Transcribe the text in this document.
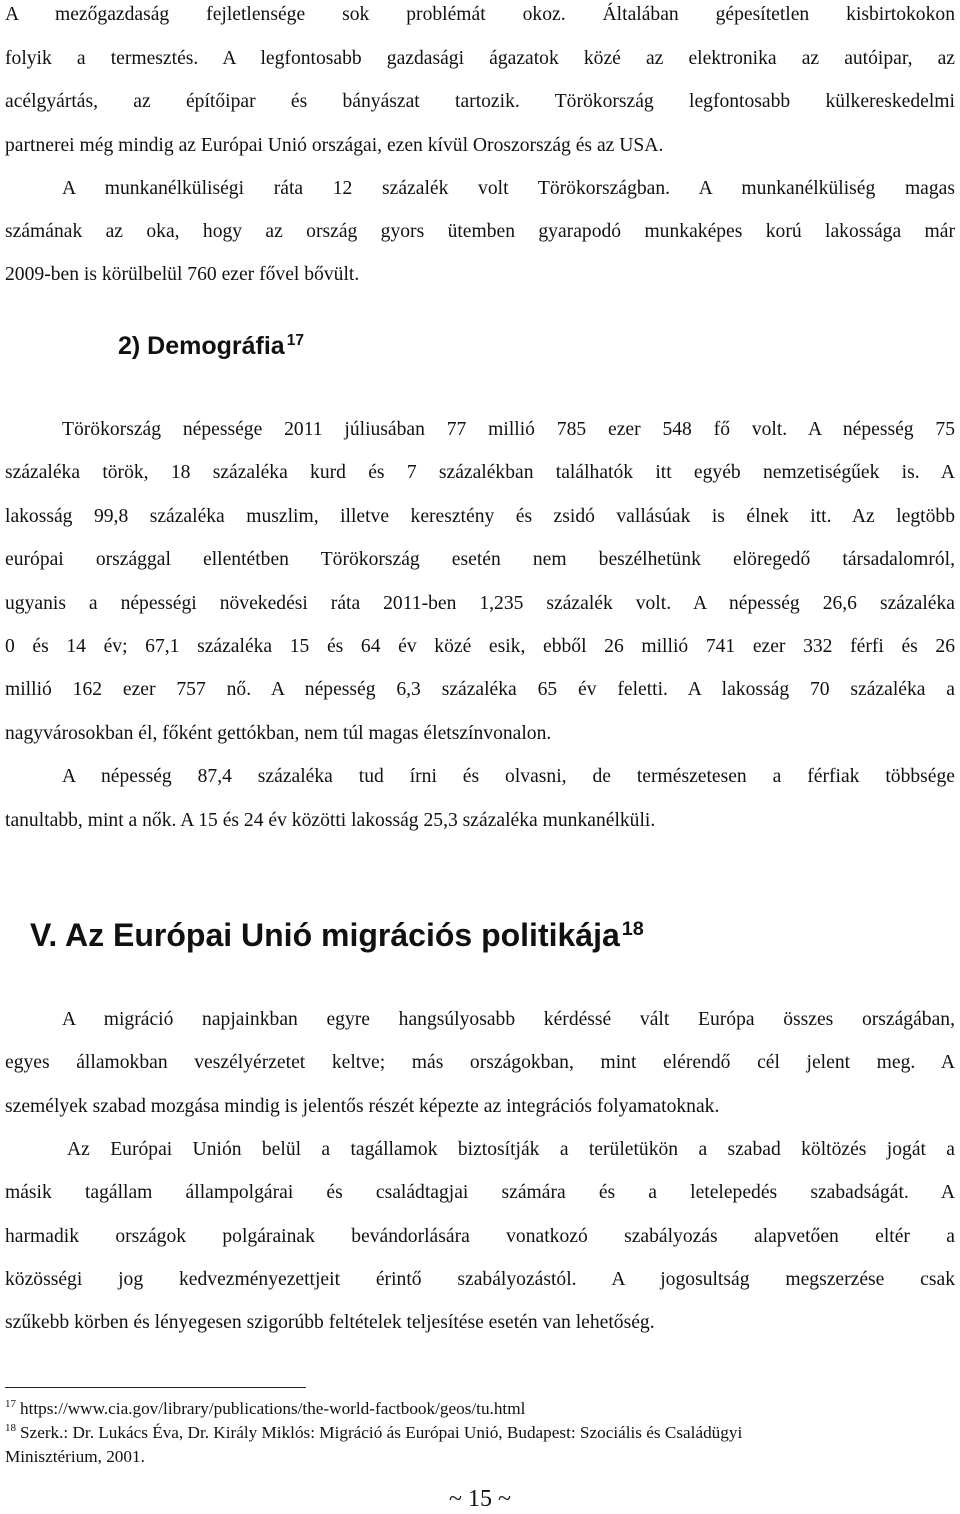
A mezőgazdaság fejletlensége sok problémát okoz. Általában gépesítetlen kisbirtokokon
folyik a termesztés. A legfontosabb gazdasági ágazatok közé az elektronika az autóipar, az
acélgyártás, az építőipar és bányászat tartozik. Törökország legfontosabb külkereskedelmi
partnerei még mindig az Európai Unió országai, ezen kívül Oroszország és az USA.
A munkanélküliségi ráta 12 százalék volt Törökországban. A munkanélküliség magas
számának az oka, hogy az ország gyors ütemben gyarapodó munkaképes korú lakossága már
2009-ben is körülbelül 760 ezer fővel bővült.
2) Demográfia $^{17}$
Törökország népessége 2011 júliusában 77 millió 785 ezer 548 fő volt. A népesség 75
százaléka török, 18 százaléka kurd és 7 százalékban találhatók itt egyéb nemzetiségűek is. A
lakosság 99,8 százaléka muszlim, illetve keresztény és zsidó vallásúak is élnek itt. Az legtöbb
európai országgal ellentétben Törökország esetén nem beszélhetünk elöregedő társadalomról,
ugyanis a népességi növekedési ráta 2011-ben 1,235 százalék volt. A népesség 26,6 százaléka
0 és 14 év; 67,1 százaléka 15 és 64 év közé esik, ebből 26 millió 741 ezer 332 férfi és 26
millió 162 ezer 757 nő. A népesség 6,3 százaléka 65 év feletti. A lakosság 70 százaléka a
nagyvárosokban él, főként gettókban, nem túl magas életszínvonalon.
A népesség 87,4 százaléka tud írni és olvasni, de természetesen a férfiak többsége
tanultabb, mint a nők. A 15 és 24 év közötti lakosság 25,3 százaléka munkanélküli.
V. Az Európai Unió migrációs politikája $^{18}$
A migráció napjainkban egyre hangsúlyosabb kérdéssé vált Európa összes országában,
egyes államokban veszélyérzetet keltve; más országokban, mint elérendő cél jelent meg. A
személyek szabad mozgása mindig is jelentős részét képezte az integrációs folyamatoknak.
Az Európai Unión belül a tagállamok biztosítják a területükön a szabad költözés jogát a
másik tagállam állampolgárai és családtagjai számára és a letelepedés szabadságát. A
harmadik országok polgárainak bevándorlására vonatkozó szabályozás alapvetően eltér a
közösségi jog kedvezményezettjeit érintő szabályozástól. A jogosultság megszerzése csak
szűkebb körben és lényegesen szigorúbb feltételek teljesítése esetén van lehetőség.
$^{17}$ https://www.cia.gov/library/publications/the-world-factbook/geos/tu.html
$^{18}$ Szerk.: Dr. Lukács Éva, Dr. Király Miklós: Migráció ás Európai Unió, Budapest: Szociális és Családügyi
Minisztérium, 2001.
~ 15 ~
